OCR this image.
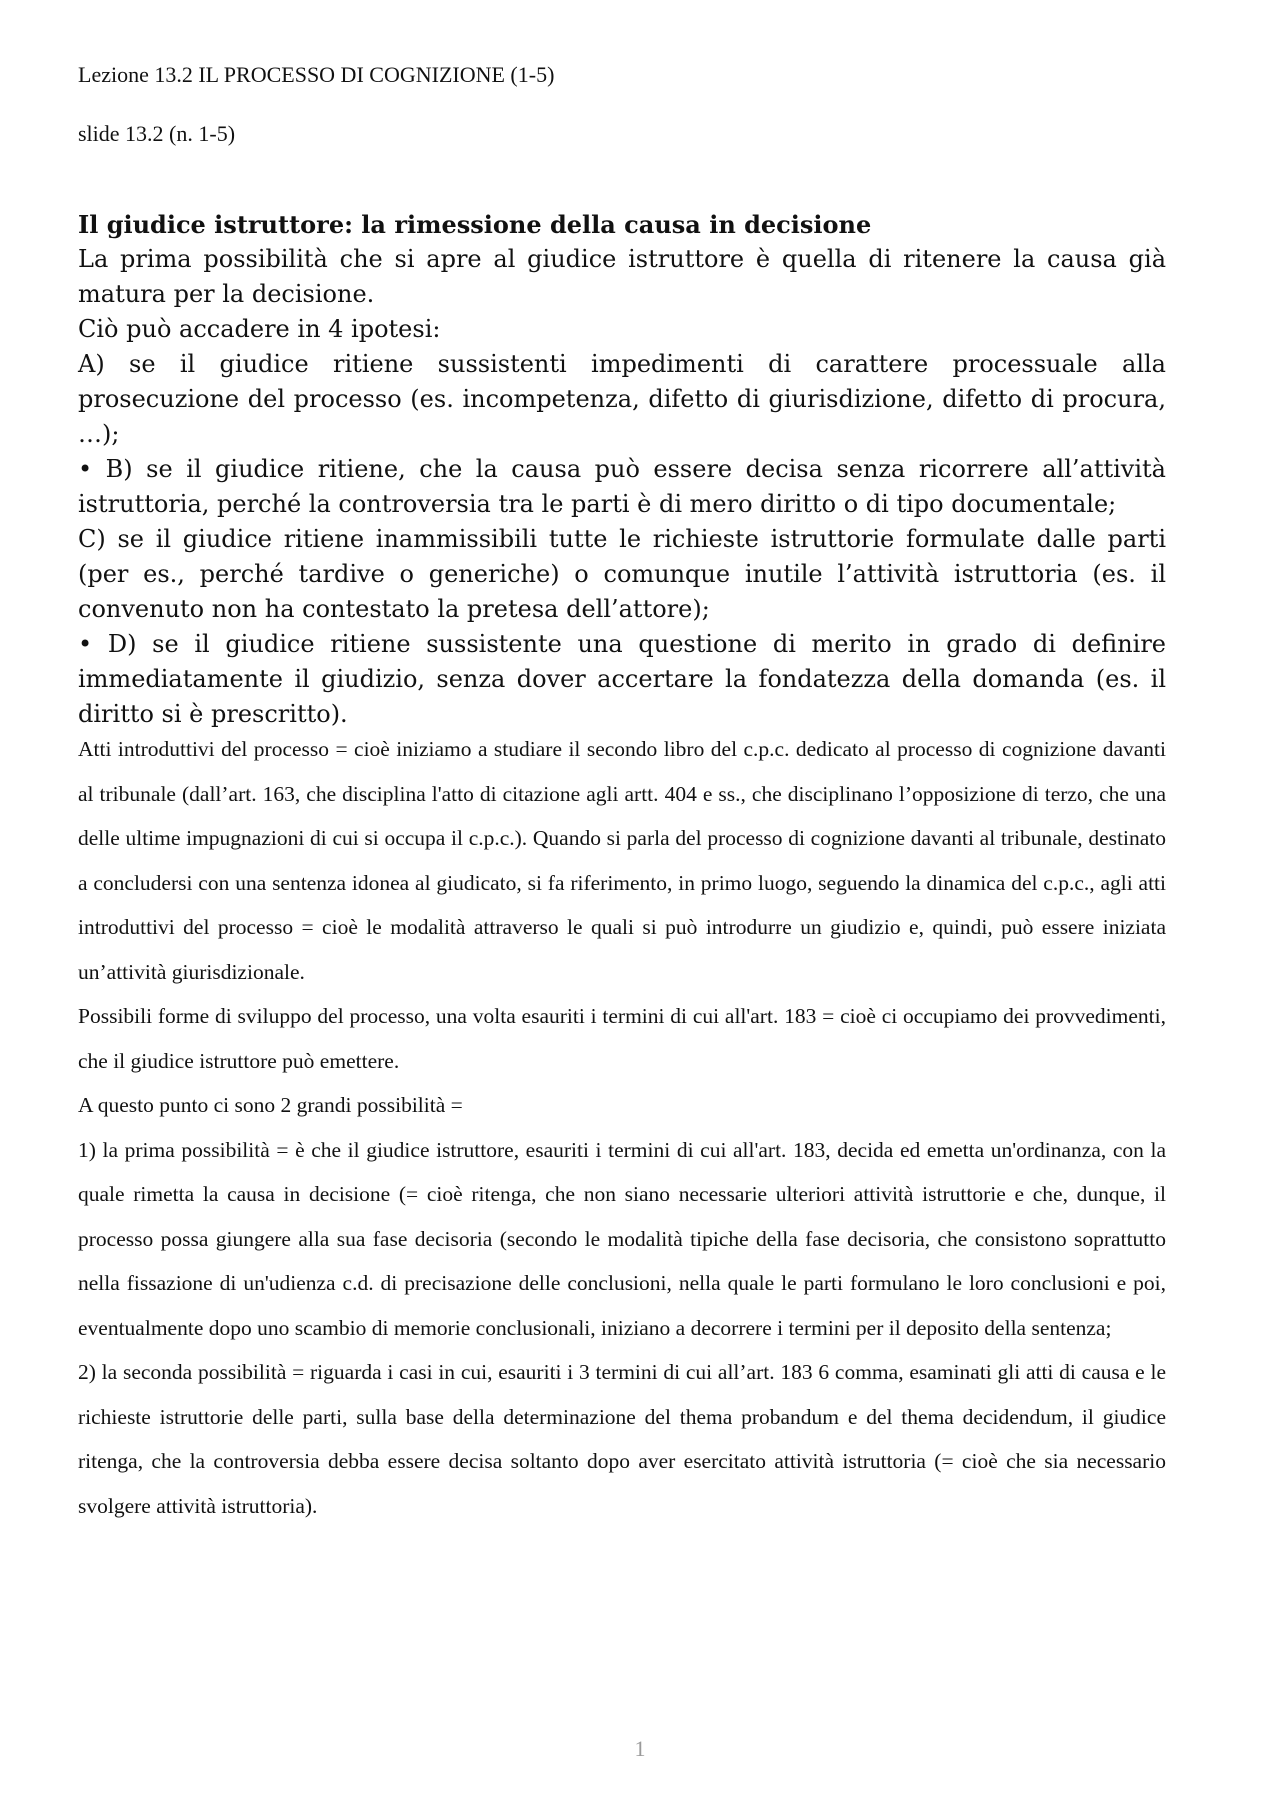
Lezione 13.2 IL PROCESSO DI COGNIZIONE (1-5)
slide 13.2 (n. 1-5)
Il giudice istruttore: la rimessione della causa in decisione

La prima possibilità che si apre al giudice istruttore è quella di ritenere la causa già matura per la decisione.

Ciò può accadere in 4 ipotesi:

A) se il giudice ritiene sussistenti impedimenti di carattere processuale alla prosecuzione del processo (es. incompetenza, difetto di giurisdizione, difetto di procura, …);

• B) se il giudice ritiene, che la causa può essere decisa senza ricorrere all’attività istruttoria, perché la controversia tra le parti è di mero diritto o di tipo documentale;

C) se il giudice ritiene inammissibili tutte le richieste istruttorie formulate dalle parti (per es., perché tardive o generiche) o comunque inutile l’attività istruttoria (es. il convenuto non ha contestato la pretesa dell’attore);

• D) se il giudice ritiene sussistente una questione di merito in grado di definire immediatamente il giudizio, senza dover accertare la fondatezza della domanda (es. il diritto si è prescritto).

Atti introduttivi del processo = cioè iniziamo a studiare il secondo libro del c.p.c. dedicato al processo di cognizione davanti al tribunale (dall’art. 163, che disciplina l'atto di citazione agli artt. 404 e ss., che disciplinano l’opposizione di terzo, che una delle ultime impugnazioni di cui si occupa il c.p.c.). Quando si parla del processo di cognizione davanti al tribunale, destinato a concludersi con una sentenza idonea al giudicato, si fa riferimento, in primo luogo, seguendo la dinamica del c.p.c., agli atti introduttivi del processo = cioè le modalità attraverso le quali si può introdurre un giudizio e, quindi, può essere iniziata un’attività giurisdizionale.

Possibili forme di sviluppo del processo, una volta esauriti i termini di cui all'art. 183 = cioè ci occupiamo dei provvedimenti, che il giudice istruttore può emettere.

A questo punto ci sono 2 grandi possibilità =

1) la prima possibilità = è che il giudice istruttore, esauriti i termini di cui all'art. 183, decida ed emetta un'ordinanza, con la quale rimetta la causa in decisione (= cioè ritenga, che non siano necessarie ulteriori attività istruttorie e che, dunque, il processo possa giungere alla sua fase decisoria (secondo le modalità tipiche della fase decisoria, che consistono soprattutto nella fissazione di un'udienza c.d. di precisazione delle conclusioni, nella quale le parti formulano le loro conclusioni e poi, eventualmente dopo uno scambio di memorie conclusionali, iniziano a decorrere i termini per il deposito della sentenza;

2) la seconda possibilità = riguarda i casi in cui, esauriti i 3 termini di cui all’art. 183 6 comma, esaminati gli atti di causa e le richieste istruttorie delle parti, sulla base della determinazione del thema probandum e del thema decidendum, il giudice ritenga, che la controversia debba essere decisa soltanto dopo aver esercitato attività istruttoria (= cioè che sia necessario svolgere attività istruttoria).

1
